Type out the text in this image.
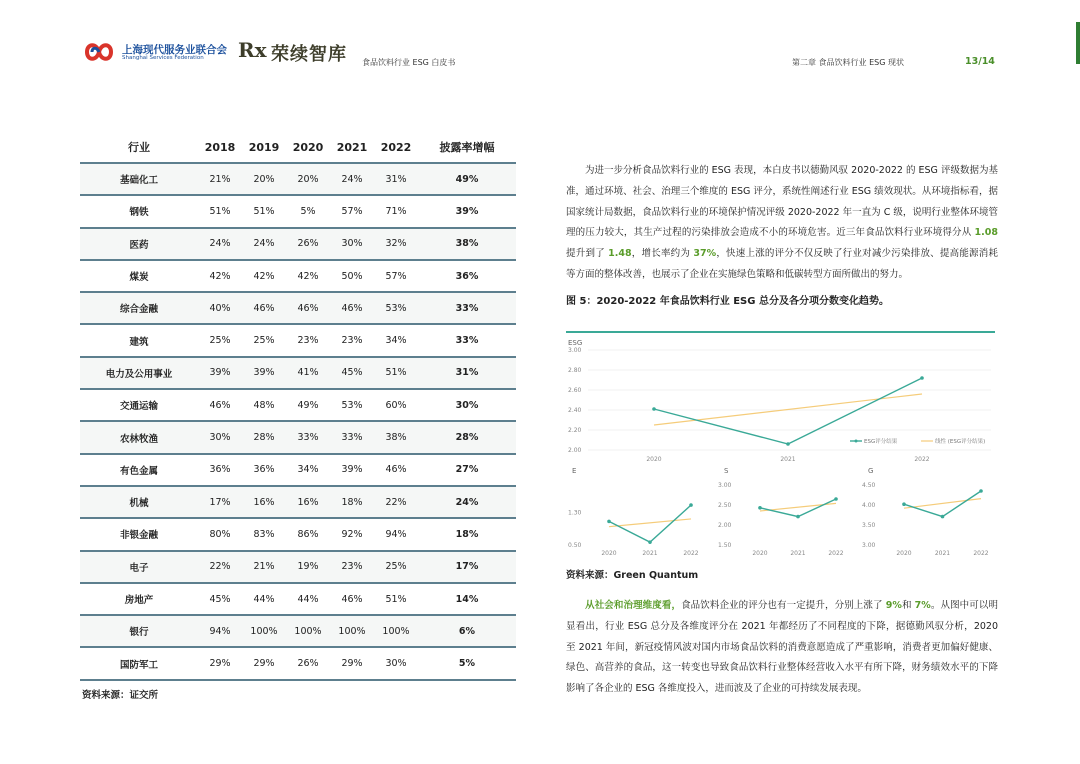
上海现代服务业联合会
Shanghai Services Federation Rx 荣续智库 食品饮料行业 ESG 白皮书	第二章 食品饮料行业 ESG 现状	13/14
行业	2018	2019	2020	2021	2022	披露率增幅
基础化工	21%	20%	20%	24%	31%	49%
钢铁	51%	51%	5%	57%	71%	39%
医药	24%	24%	26%	30%	32%	38%
煤炭	42%	42%	42%	50%	57%	36%
综合金融	40%	46%	46%	46%	53%	33%
建筑	25%	25%	23%	23%	34%	33%
电力及公用事业	39%	39%	41%	45%	51%	31%
交通运输	46%	48%	49%	53%	60%	30%
农林牧渔	30%	28%	33%	33%	38%	28%
有色金属	36%	36%	34%	39%	46%	27%
机械	17%	16%	16%	18%	22%	24%
非银金融	80%	83%	86%	92%	94%	18%
电子	22%	21%	19%	23%	25%	17%
房地产	45%	44%	44%	46%	51%	14%
银行	94%	100%	100%	100%	100%	6%
国防军工	29%	29%	26%	29%	30%	5%
资料来源：证交所
为进一步分析食品饮料行业的 ESG 表现，本白皮书以德勤风驭 2020-2022 的 ESG 评级数据为基准，通过环境、社会、治理三个维度的 ESG 评分，系统性阐述行业 ESG 绩效现状。从环境指标看，据国家统计局数据，食品饮料行业的环境保护情况评级 2020-2022 年一直为 C 级，说明行业整体环境管理的压力较大，其生产过程的污染排放会造成不小的环境危害。近三年食品饮料行业环境得分从 1.08 提升到了 1.48，增长率约为 37%，快速上涨的评分不仅反映了行业对减少污染排放、提高能源消耗等方面的整体改善，也展示了企业在实施绿色策略和低碳转型方面所做出的努力。
图 5：2020-2022 年食品饮料行业 ESG 总分及各分项分数变化趋势。
ESG
3.00
2.80
2.60
2.40
2.20
2.00
2020	2021	2022
ESG评分结果	线性 (ESG评分结果)
E
1.30
0.50
2020	2021	2022
S
3.00
2.50
2.00
1.50
2020	2021	2022
G
4.50
4.00
3.50
3.00
2020	2021	2022
资料来源：Green Quantum
从社会和治理维度看，食品饮料企业的评分也有一定提升，分别上涨了 9%和 7%。从图中可以明显看出，行业 ESG 总分及各维度评分在 2021 年都经历了不同程度的下降，据德勤风驭分析，2020 至 2021 年间，新冠疫情风波对国内市场食品饮料的消费意愿造成了严重影响，消费者更加偏好健康、绿色、高营养的食品，这一转变也导致食品饮料行业整体经营收入水平有所下降，财务绩效水平的下降影响了各企业的 ESG 各维度投入，进而波及了企业的可持续发展表现。
